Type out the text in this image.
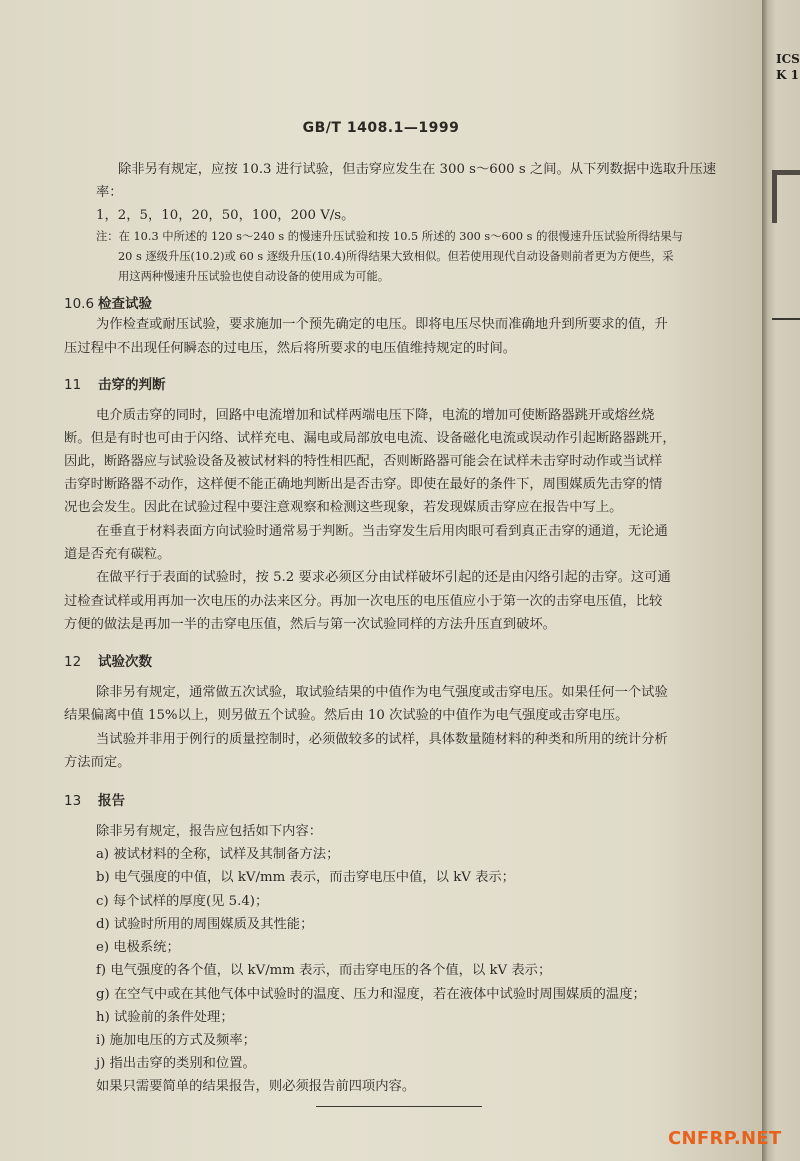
GB/T 1408.1—1999
除非另有规定，应按 10.3 进行试验，但击穿应发生在 300 s～600 s 之间。从下列数据中选取升压速
率：
1，2，5，10，20，50，100，200 V/s。
注：在 10.3 中所述的 120 s～240 s 的慢速升压试验和按 10.5 所述的 300 s～600 s 的很慢速升压试验所得结果与
20 s 逐级升压(10.2)或 60 s 逐级升压(10.4)所得结果大致相似。但若使用现代自动设备则前者更为方便些，采
用这两种慢速升压试验也使自动设备的使用成为可能。
10.6 检查试验
为作检查或耐压试验，要求施加一个预先确定的电压。即将电压尽快而准确地升到所要求的值，升
压过程中不出现任何瞬态的过电压，然后将所要求的电压值维持规定的时间。
11 击穿的判断
电介质击穿的同时，回路中电流增加和试样两端电压下降，电流的增加可使断路器跳开或熔丝烧
断。但是有时也可由于闪络、试样充电、漏电或局部放电电流、设备磁化电流或误动作引起断路器跳开，
因此，断路器应与试验设备及被试材料的特性相匹配，否则断路器可能会在试样未击穿时动作或当试样
击穿时断路器不动作，这样便不能正确地判断出是否击穿。即使在最好的条件下，周围媒质先击穿的情
况也会发生。因此在试验过程中要注意观察和检测这些现象，若发现媒质击穿应在报告中写上。
在垂直于材料表面方向试验时通常易于判断。当击穿发生后用肉眼可看到真正击穿的通道，无论通
道是否充有碳粒。
在做平行于表面的试验时，按 5.2 要求必须区分由试样破坏引起的还是由闪络引起的击穿。这可通
过检查试样或用再加一次电压的办法来区分。再加一次电压的电压值应小于第一次的击穿电压值，比较
方便的做法是再加一半的击穿电压值，然后与第一次试验同样的方法升压直到破坏。
12 试验次数
除非另有规定，通常做五次试验，取试验结果的中值作为电气强度或击穿电压。如果任何一个试验
结果偏离中值 15%以上，则另做五个试验。然后由 10 次试验的中值作为电气强度或击穿电压。
当试验并非用于例行的质量控制时，必须做较多的试样，具体数量随材料的种类和所用的统计分析
方法而定。
13 报告
除非另有规定，报告应包括如下内容：
a) 被试材料的全称，试样及其制备方法；
b) 电气强度的中值，以 kV/mm 表示，而击穿电压中值，以 kV 表示；
c) 每个试样的厚度(见 5.4)；
d) 试验时所用的周围媒质及其性能；
e) 电极系统；
f) 电气强度的各个值，以 kV/mm 表示，而击穿电压的各个值，以 kV 表示；
g) 在空气中或在其他气体中试验时的温度、压力和湿度，若在液体中试验时周围媒质的温度；
h) 试验前的条件处理；
i) 施加电压的方式及频率；
j) 指出击穿的类别和位置。
如果只需要简单的结果报告，则必须报告前四项内容。
ICS
K 1
CNFRP.NET
